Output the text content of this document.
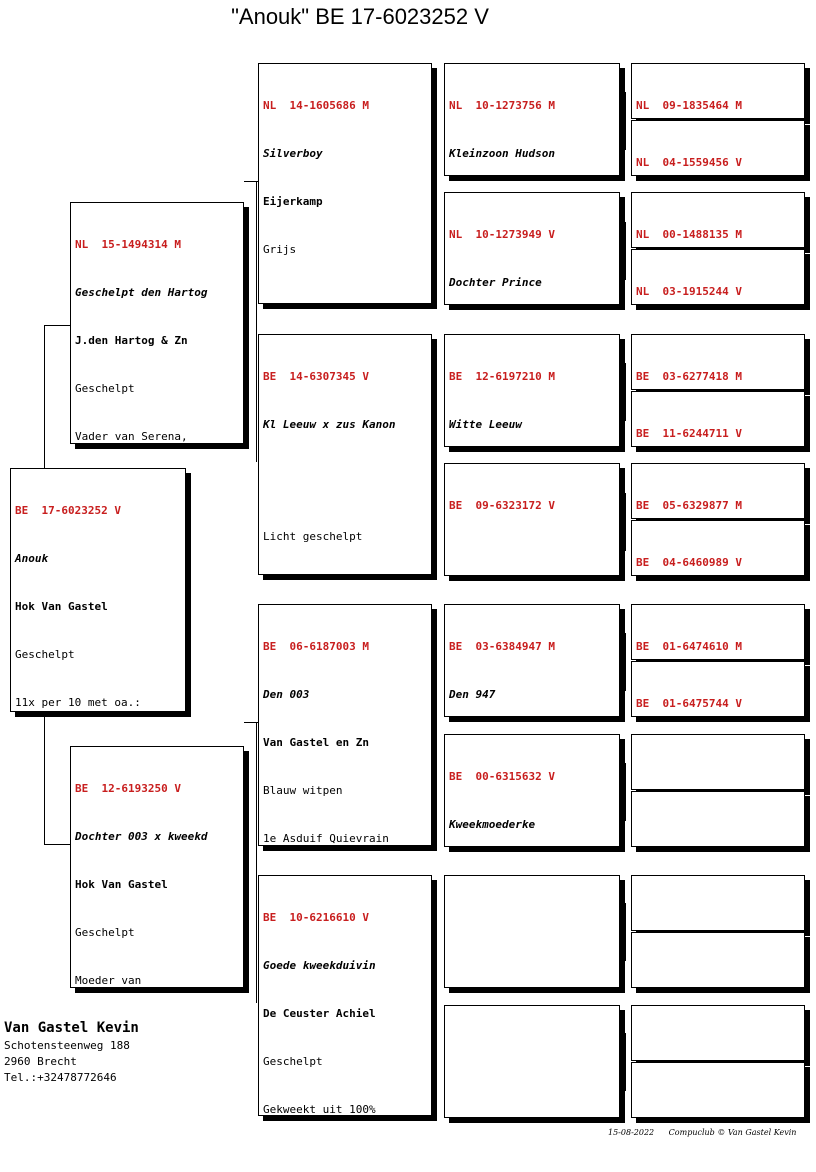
"Anouk" BE 17-6023252 V

BE  17-6023252 V

Anouk

Hok Van Gastel

Geschelpt

11x per 10 met oa.:

NL  15-1494314 M

Geschelpt den Hartog

J.den Hartog & Zn

Geschelpt

Vader van Serena,

BE  12-6193250 V

Dochter 003 x kweekd

Hok Van Gastel

Geschelpt

Moeder van

NL  14-1605686 M

Silverboy

Eijerkamp

Grijs

BE  14-6307345 V

Kl Leeuw x zus Kanon

Licht geschelpt

BE  06-6187003 M

Den 003

Van Gastel en Zn

Blauw witpen

1e Asduif Quievrain

BE  10-6216610 V

Goede kweekduivin

De Ceuster Achiel

Geschelpt

Gekweekt uit 100%

NL  10-1273756 M

Kleinzoon Hudson

NL  10-1273949 V

Dochter Prince

BE  12-6197210 M

Witte Leeuw

BE  09-6323172 V

BE  03-6384947 M

Den 947

BE  00-6315632 V

Kweekmoederke

NL  09-1835464 M

NL  04-1559456 V

NL  00-1488135 M

NL  03-1915244 V

BE  03-6277418 M

BE  11-6244711 V

BE  05-6329877 M

BE  04-6460989 V

BE  01-6474610 M

BE  01-6475744 V

Van Gastel Kevin
Schotensteenweg 188
2960 Brecht
Tel.:+32478772646
15-08-2022 Compuclub © Van Gastel Kevin
